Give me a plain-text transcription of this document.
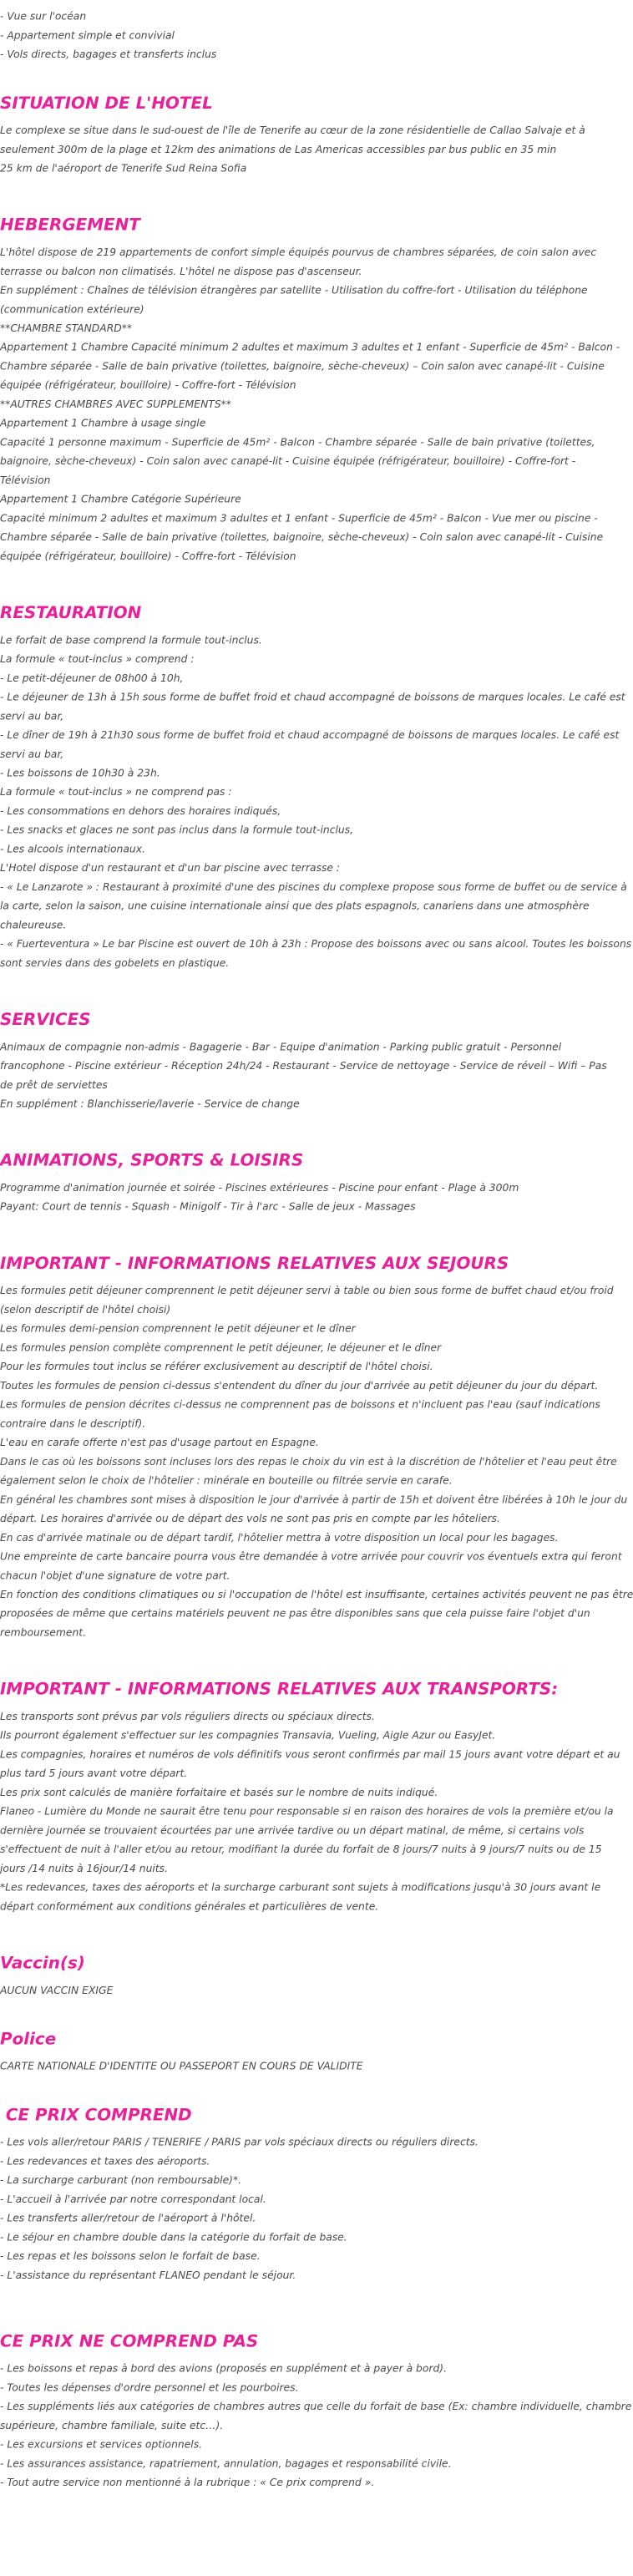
- Vue sur l'océan

- Appartement simple et convivial

- Vols directs, bagages et transferts inclus

SITUATION DE L'HOTEL

Le complexe se situe dans le sud-ouest de l'île de Tenerife au cœur de la zone résidentielle de Callao Salvaje et à

seulement 300m de la plage et 12km des animations de Las Americas accessibles par bus public en 35 min

25 km de l'aéroport de Tenerife Sud Reina Sofia

HEBERGEMENT

L'hôtel dispose de 219 appartements de confort simple équipés pourvus de chambres séparées, de coin salon avec

terrasse ou balcon non climatisés. L'hôtel ne dispose pas d'ascenseur.

En supplément : Chaînes de télévision étrangères par satellite - Utilisation du coffre-fort - Utilisation du téléphone

(communication extérieure)

**CHAMBRE STANDARD**

Appartement 1 Chambre Capacité minimum 2 adultes et maximum 3 adultes et 1 enfant - Superficie de 45m² - Balcon -

Chambre séparée - Salle de bain privative (toilettes, baignoire, sèche-cheveux) – Coin salon avec canapé-lit - Cuisine

équipée (réfrigérateur, bouilloire) - Coffre-fort - Télévision

**AUTRES CHAMBRES AVEC SUPPLEMENTS**

Appartement 1 Chambre à usage single

Capacité 1 personne maximum - Superficie de 45m² - Balcon - Chambre séparée - Salle de bain privative (toilettes,

baignoire, sèche-cheveux) - Coin salon avec canapé-lit - Cuisine équipée (réfrigérateur, bouilloire) - Coffre-fort -

Télévision

Appartement 1 Chambre Catégorie Supérieure

Capacité minimum 2 adultes et maximum 3 adultes et 1 enfant - Superficie de 45m² - Balcon - Vue mer ou piscine -

Chambre séparée - Salle de bain privative (toilettes, baignoire, sèche-cheveux) - Coin salon avec canapé-lit - Cuisine

équipée (réfrigérateur, bouilloire) - Coffre-fort - Télévision

RESTAURATION

Le forfait de base comprend la formule tout-inclus.

La formule « tout-inclus » comprend :

- Le petit-déjeuner de 08h00 à 10h,

- Le déjeuner de 13h à 15h sous forme de buffet froid et chaud accompagné de boissons de marques locales. Le café est

servi au bar,

- Le dîner de 19h à 21h30 sous forme de buffet froid et chaud accompagné de boissons de marques locales. Le café est

servi au bar,

- Les boissons de 10h30 à 23h.

La formule « tout-inclus » ne comprend pas :

- Les consommations en dehors des horaires indiqués,

- Les snacks et glaces ne sont pas inclus dans la formule tout-inclus,

- Les alcools internationaux.

L'Hotel dispose d'un restaurant et d'un bar piscine avec terrasse :

- « Le Lanzarote » : Restaurant à proximité d'une des piscines du complexe propose sous forme de buffet ou de service à

la carte, selon la saison, une cuisine internationale ainsi que des plats espagnols, canariens dans une atmosphère

chaleureuse.

- « Fuerteventura » Le bar Piscine est ouvert de 10h à 23h : Propose des boissons avec ou sans alcool. Toutes les boissons

sont servies dans des gobelets en plastique.

SERVICES

Animaux de compagnie non-admis - Bagagerie - Bar - Equipe d'animation - Parking public gratuit - Personnel

francophone - Piscine extérieur - Réception 24h/24 - Restaurant - Service de nettoyage - Service de réveil – Wifi – Pas

de prêt de serviettes

En supplément : Blanchisserie/laverie - Service de change

ANIMATIONS, SPORTS & LOISIRS

Programme d'animation journée et soirée - Piscines extérieures - Piscine pour enfant - Plage à 300m

Payant: Court de tennis - Squash - Minigolf - Tir à l'arc - Salle de jeux - Massages

IMPORTANT - INFORMATIONS RELATIVES AUX SEJOURS

Les formules petit déjeuner comprennent le petit déjeuner servi à table ou bien sous forme de buffet chaud et/ou froid

(selon descriptif de l'hôtel choisi)

Les formules demi-pension comprennent le petit déjeuner et le dîner

Les formules pension complète comprennent le petit déjeuner, le déjeuner et le dîner

Pour les formules tout inclus se référer exclusivement au descriptif de l'hôtel choisi.

Toutes les formules de pension ci-dessus s'entendent du dîner du jour d'arrivée au petit déjeuner du jour du départ.

Les formules de pension décrites ci-dessus ne comprennent pas de boissons et n'incluent pas l'eau (sauf indications

contraire dans le descriptif).

L'eau en carafe offerte n'est pas d'usage partout en Espagne.

Dans le cas où les boissons sont incluses lors des repas le choix du vin est à la discrétion de l'hôtelier et l'eau peut être

également selon le choix de l'hôtelier : minérale en bouteille ou filtrée servie en carafe.

En général les chambres sont mises à disposition le jour d'arrivée à partir de 15h et doivent être libérées à 10h le jour du

départ. Les horaires d'arrivée ou de départ des vols ne sont pas pris en compte par les hôteliers.

En cas d'arrivée matinale ou de départ tardif, l'hôtelier mettra à votre disposition un local pour les bagages.

Une empreinte de carte bancaire pourra vous être demandée à votre arrivée pour couvrir vos éventuels extra qui feront

chacun l'objet d'une signature de votre part.

En fonction des conditions climatiques ou si l'occupation de l'hôtel est insuffisante, certaines activités peuvent ne pas être

proposées de même que certains matériels peuvent ne pas être disponibles sans que cela puisse faire l'objet d'un

remboursement.

IMPORTANT - INFORMATIONS RELATIVES AUX TRANSPORTS:

Les transports sont prévus par vols réguliers directs ou spéciaux directs.

Ils pourront également s'effectuer sur les compagnies Transavia, Vueling, Aigle Azur ou EasyJet.

Les compagnies, horaires et numéros de vols définitifs vous seront confirmés par mail 15 jours avant votre départ et au

plus tard 5 jours avant votre départ.

Les prix sont calculés de manière forfaitaire et basés sur le nombre de nuits indiqué.

Flaneo - Lumière du Monde ne saurait être tenu pour responsable si en raison des horaires de vols la première et/ou la

dernière journée se trouvaient écourtées par une arrivée tardive ou un départ matinal, de même, si certains vols

s'effectuent de nuit à l'aller et/ou au retour, modifiant la durée du forfait de 8 jours/7 nuits à 9 jours/7 nuits ou de 15

jours /14 nuits à 16jour/14 nuits.

*Les redevances, taxes des aéroports et la surcharge carburant sont sujets à modifications jusqu'à 30 jours avant le

départ conformément aux conditions générales et particulières de vente.

Vaccin(s)

AUCUN VACCIN EXIGE

Police

CARTE NATIONALE D'IDENTITE OU PASSEPORT EN COURS DE VALIDITE

CE PRIX COMPREND

- Les vols aller/retour PARIS / TENERIFE / PARIS par vols spéciaux directs ou réguliers directs.

- Les redevances et taxes des aéroports.

- La surcharge carburant (non remboursable)*.

- L'accueil à l'arrivée par notre correspondant local.

- Les transferts aller/retour de l'aéroport à l'hôtel.

- Le séjour en chambre double dans la catégorie du forfait de base.

- Les repas et les boissons selon le forfait de base.

- L'assistance du représentant FLANEO pendant le séjour.

CE PRIX NE COMPREND PAS

- Les boissons et repas à bord des avions (proposés en supplément et à payer à bord).

- Toutes les dépenses d'ordre personnel et les pourboires.

- Les suppléments liés aux catégories de chambres autres que celle du forfait de base (Ex: chambre individuelle, chambre

supérieure, chambre familiale, suite etc…).

- Les excursions et services optionnels.

- Les assurances assistance, rapatriement, annulation, bagages et responsabilité civile.

- Tout autre service non mentionné à la rubrique : « Ce prix comprend ».
